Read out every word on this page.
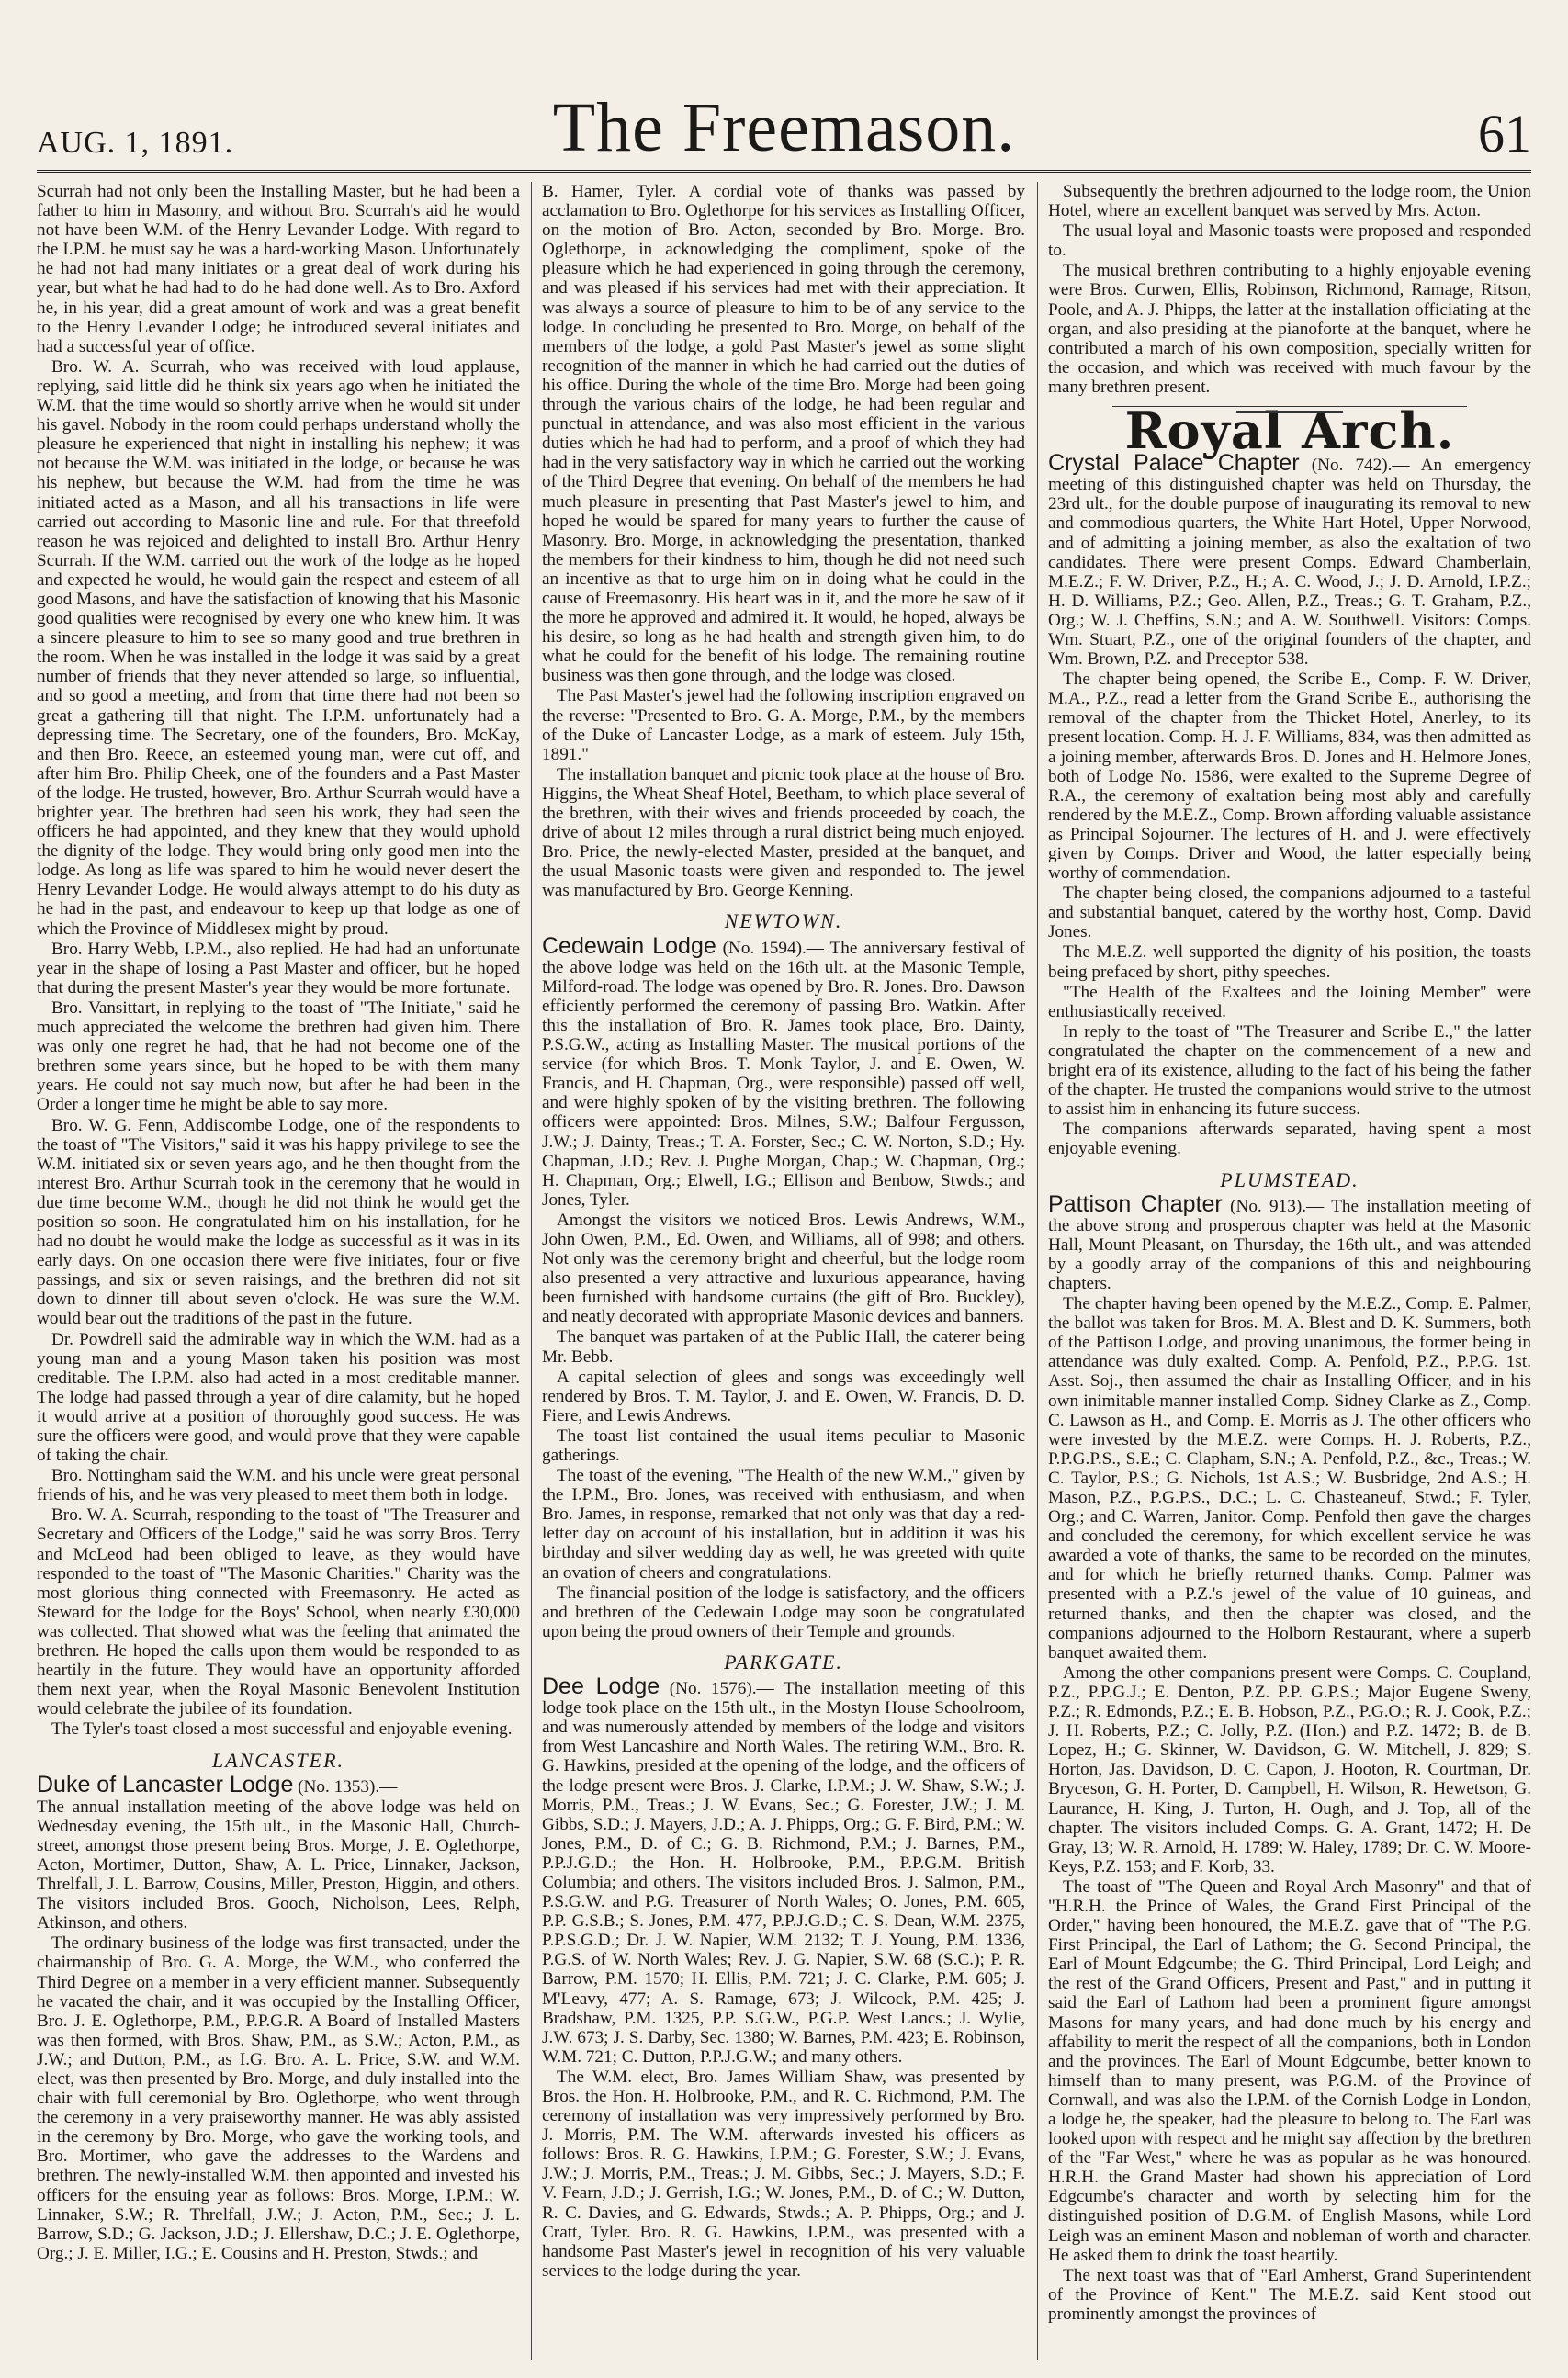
AUG. 1, 1891.	The Freemason.	61

Scurrah had not only been the Installing Master, but he had been a father to him in Masonry, and without Bro. Scurrah's aid he would not have been W.M. of the Henry Levander Lodge. With regard to the I.P.M. he must say he was a hard-working Mason. Unfortunately he had not had many initiates or a great deal of work during his year, but what he had had to do he had done well. As to Bro. Axford he, in his year, did a great amount of work and was a great benefit to the Henry Levander Lodge; he introduced several initiates and had a successful year of office.

Bro. W. A. Scurrah, who was received with loud applause, replying, said little did he think six years ago when he initiated the W.M. that the time would so shortly arrive when he would sit under his gavel. Nobody in the room could perhaps understand wholly the pleasure he experienced that night in installing his nephew; it was not because the W.M. was initiated in the lodge, or because he was his nephew, but because the W.M. had from the time he was initiated acted as a Mason, and all his transactions in life were carried out according to Masonic line and rule. For that threefold reason he was rejoiced and delighted to install Bro. Arthur Henry Scurrah. If the W.M. carried out the work of the lodge as he hoped and expected he would, he would gain the respect and esteem of all good Masons, and have the satisfaction of knowing that his Masonic good qualities were recognised by every one who knew him. It was a sincere pleasure to him to see so many good and true brethren in the room. When he was installed in the lodge it was said by a great number of friends that they never attended so large, so influential, and so good a meeting, and from that time there had not been so great a gathering till that night. The I.P.M. unfortunately had a depressing time. The Secretary, one of the founders, Bro. McKay, and then Bro. Reece, an esteemed young man, were cut off, and after him Bro. Philip Cheek, one of the founders and a Past Master of the lodge. He trusted, however, Bro. Arthur Scurrah would have a brighter year. The brethren had seen his work, they had seen the officers he had appointed, and they knew that they would uphold the dignity of the lodge. They would bring only good men into the lodge. As long as life was spared to him he would never desert the Henry Levander Lodge. He would always attempt to do his duty as he had in the past, and endeavour to keep up that lodge as one of which the Province of Middlesex might by proud.

Bro. Harry Webb, I.P.M., also replied. He had had an unfortunate year in the shape of losing a Past Master and officer, but he hoped that during the present Master's year they would be more fortunate.

Bro. Vansittart, in replying to the toast of "The Initiate," said he much appreciated the welcome the brethren had given him. There was only one regret he had, that he had not become one of the brethren some years since, but he hoped to be with them many years. He could not say much now, but after he had been in the Order a longer time he might be able to say more.

Bro. W. G. Fenn, Addiscombe Lodge, one of the respondents to the toast of "The Visitors," said it was his happy privilege to see the W.M. initiated six or seven years ago, and he then thought from the interest Bro. Arthur Scurrah took in the ceremony that he would in due time become W.M., though he did not think he would get the position so soon. He congratulated him on his installation, for he had no doubt he would make the lodge as successful as it was in its early days. On one occasion there were five initiates, four or five passings, and six or seven raisings, and the brethren did not sit down to dinner till about seven o'clock. He was sure the W.M. would bear out the traditions of the past in the future.

Dr. Powdrell said the admirable way in which the W.M. had as a young man and a young Mason taken his position was most creditable. The I.P.M. also had acted in a most creditable manner. The lodge had passed through a year of dire calamity, but he hoped it would arrive at a position of thoroughly good success. He was sure the officers were good, and would prove that they were capable of taking the chair.

Bro. Nottingham said the W.M. and his uncle were great personal friends of his, and he was very pleased to meet them both in lodge.

Bro. W. A. Scurrah, responding to the toast of "The Treasurer and Secretary and Officers of the Lodge," said he was sorry Bros. Terry and McLeod had been obliged to leave, as they would have responded to the toast of "The Masonic Charities." Charity was the most glorious thing connected with Freemasonry. He acted as Steward for the lodge for the Boys' School, when nearly £30,000 was collected. That showed what was the feeling that animated the brethren. He hoped the calls upon them would be responded to as heartily in the future. They would have an opportunity afforded them next year, when the Royal Masonic Benevolent Institution would celebrate the jubilee of its foundation.

The Tyler's toast closed a most successful and enjoyable evening.

LANCASTER.

Duke of Lancaster Lodge (No. 1353).—

The annual installation meeting of the above lodge was held on Wednesday evening, the 15th ult., in the Masonic Hall, Church-street, amongst those present being Bros. Morge, J. E. Oglethorpe, Acton, Mortimer, Dutton, Shaw, A. L. Price, Linnaker, Jackson, Threlfall, J. L. Barrow, Cousins, Miller, Preston, Higgin, and others. The visitors included Bros. Gooch, Nicholson, Lees, Relph, Atkinson, and others.

The ordinary business of the lodge was first transacted, under the chairmanship of Bro. G. A. Morge, the W.M., who conferred the Third Degree on a member in a very efficient manner. Subsequently he vacated the chair, and it was occupied by the Installing Officer, Bro. J. E. Oglethorpe, P.M., P.P.G.R. A Board of Installed Masters was then formed, with Bros. Shaw, P.M., as S.W.; Acton, P.M., as J.W.; and Dutton, P.M., as I.G. Bro. A. L. Price, S.W. and W.M. elect, was then presented by Bro. Morge, and duly installed into the chair with full ceremonial by Bro. Oglethorpe, who went through the ceremony in a very praiseworthy manner. He was ably assisted in the ceremony by Bro. Morge, who gave the working tools, and Bro. Mortimer, who gave the addresses to the Wardens and brethren. The newly-installed W.M. then appointed and invested his officers for the ensuing year as follows: Bros. Morge, I.P.M.; W. Linnaker, S.W.; R. Threlfall, J.W.; J. Acton, P.M., Sec.; J. L. Barrow, S.D.; G. Jackson, J.D.; J. Ellershaw, D.C.; J. E. Oglethorpe, Org.; J. E. Miller, I.G.; E. Cousins and H. Preston, Stwds.; and

B. Hamer, Tyler. A cordial vote of thanks was passed by acclamation to Bro. Oglethorpe for his services as Installing Officer, on the motion of Bro. Acton, seconded by Bro. Morge. Bro. Oglethorpe, in acknowledging the compliment, spoke of the pleasure which he had experienced in going through the ceremony, and was pleased if his services had met with their appreciation. It was always a source of pleasure to him to be of any service to the lodge. In concluding he presented to Bro. Morge, on behalf of the members of the lodge, a gold Past Master's jewel as some slight recognition of the manner in which he had carried out the duties of his office. During the whole of the time Bro. Morge had been going through the various chairs of the lodge, he had been regular and punctual in attendance, and was also most efficient in the various duties which he had had to perform, and a proof of which they had had in the very satisfactory way in which he carried out the working of the Third Degree that evening. On behalf of the members he had much pleasure in presenting that Past Master's jewel to him, and hoped he would be spared for many years to further the cause of Masonry. Bro. Morge, in acknowledging the presentation, thanked the members for their kindness to him, though he did not need such an incentive as that to urge him on in doing what he could in the cause of Freemasonry. His heart was in it, and the more he saw of it the more he approved and admired it. It would, he hoped, always be his desire, so long as he had health and strength given him, to do what he could for the benefit of his lodge. The remaining routine business was then gone through, and the lodge was closed.

The Past Master's jewel had the following inscription engraved on the reverse: "Presented to Bro. G. A. Morge, P.M., by the members of the Duke of Lancaster Lodge, as a mark of esteem. July 15th, 1891."

The installation banquet and picnic took place at the house of Bro. Higgins, the Wheat Sheaf Hotel, Beetham, to which place several of the brethren, with their wives and friends proceeded by coach, the drive of about 12 miles through a rural district being much enjoyed. Bro. Price, the newly-elected Master, presided at the banquet, and the usual Masonic toasts were given and responded to. The jewel was manufactured by Bro. George Kenning.

NEWTOWN.

Cedewain Lodge (No. 1594).— The anniversary festival of the above lodge was held on the 16th ult. at the Masonic Temple, Milford-road. The lodge was opened by Bro. R. Jones. Bro. Dawson efficiently performed the ceremony of passing Bro. Watkin. After this the installation of Bro. R. James took place, Bro. Dainty, P.S.G.W., acting as Installing Master. The musical portions of the service (for which Bros. T. Monk Taylor, J. and E. Owen, W. Francis, and H. Chapman, Org., were responsible) passed off well, and were highly spoken of by the visiting brethren. The following officers were appointed: Bros. Milnes, S.W.; Balfour Fergusson, J.W.; J. Dainty, Treas.; T. A. Forster, Sec.; C. W. Norton, S.D.; Hy. Chapman, J.D.; Rev. J. Pughe Morgan, Chap.; W. Chapman, Org.; H. Chapman, Org.; Elwell, I.G.; Ellison and Benbow, Stwds.; and Jones, Tyler.

Amongst the visitors we noticed Bros. Lewis Andrews, W.M., John Owen, P.M., Ed. Owen, and Williams, all of 998; and others. Not only was the ceremony bright and cheerful, but the lodge room also presented a very attractive and luxurious appearance, having been furnished with handsome curtains (the gift of Bro. Buckley), and neatly decorated with appropriate Masonic devices and banners.

The banquet was partaken of at the Public Hall, the caterer being Mr. Bebb.

A capital selection of glees and songs was exceedingly well rendered by Bros. T. M. Taylor, J. and E. Owen, W. Francis, D. D. Fiere, and Lewis Andrews.

The toast list contained the usual items peculiar to Masonic gatherings.

The toast of the evening, "The Health of the new W.M.," given by the I.P.M., Bro. Jones, was received with enthusiasm, and when Bro. James, in response, remarked that not only was that day a red-letter day on account of his installation, but in addition it was his birthday and silver wedding day as well, he was greeted with quite an ovation of cheers and congratulations.

The financial position of the lodge is satisfactory, and the officers and brethren of the Cedewain Lodge may soon be congratulated upon being the proud owners of their Temple and grounds.

PARKGATE.

Dee Lodge (No. 1576).— The installation meeting of this lodge took place on the 15th ult., in the Mostyn House Schoolroom, and was numerously attended by members of the lodge and visitors from West Lancashire and North Wales. The retiring W.M., Bro. R. G. Hawkins, presided at the opening of the lodge, and the officers of the lodge present were Bros. J. Clarke, I.P.M.; J. W. Shaw, S.W.; J. Morris, P.M., Treas.; J. W. Evans, Sec.; G. Forester, J.W.; J. M. Gibbs, S.D.; J. Mayers, J.D.; A. J. Phipps, Org.; G. F. Bird, P.M.; W. Jones, P.M., D. of C.; G. B. Richmond, P.M.; J. Barnes, P.M., P.P.J.G.D.; the Hon. H. Holbrooke, P.M., P.P.G.M. British Columbia; and others. The visitors included Bros. J. Salmon, P.M., P.S.G.W. and P.G. Treasurer of North Wales; O. Jones, P.M. 605, P.P. G.S.B.; S. Jones, P.M. 477, P.P.J.G.D.; C. S. Dean, W.M. 2375, P.P.S.G.D.; Dr. J. W. Napier, W.M. 2132; T. J. Young, P.M. 1336, P.G.S. of W. North Wales; Rev. J. G. Napier, S.W. 68 (S.C.); P. R. Barrow, P.M. 1570; H. Ellis, P.M. 721; J. C. Clarke, P.M. 605; J. M'Leavy, 477; A. S. Ramage, 673; J. Wilcock, P.M. 425; J. Bradshaw, P.M. 1325, P.P. S.G.W., P.G.P. West Lancs.; J. Wylie, J.W. 673; J. S. Darby, Sec. 1380; W. Barnes, P.M. 423; E. Robinson, W.M. 721; C. Dutton, P.P.J.G.W.; and many others.

The W.M. elect, Bro. James William Shaw, was presented by Bros. the Hon. H. Holbrooke, P.M., and R. C. Richmond, P.M. The ceremony of installation was very impressively performed by Bro. J. Morris, P.M. The W.M. afterwards invested his officers as follows: Bros. R. G. Hawkins, I.P.M.; G. Forester, S.W.; J. Evans, J.W.; J. Morris, P.M., Treas.; J. M. Gibbs, Sec.; J. Mayers, S.D.; F. V. Fearn, J.D.; J. Gerrish, I.G.; W. Jones, P.M., D. of C.; W. Dutton, R. C. Davies, and G. Edwards, Stwds.; A. P. Phipps, Org.; and J. Cratt, Tyler. Bro. R. G. Hawkins, I.P.M., was presented with a handsome Past Master's jewel in recognition of his very valuable services to the lodge during the year.

Subsequently the brethren adjourned to the lodge room, the Union Hotel, where an excellent banquet was served by Mrs. Acton.

The usual loyal and Masonic toasts were proposed and responded to.

The musical brethren contributing to a highly enjoyable evening were Bros. Curwen, Ellis, Robinson, Richmond, Ramage, Ritson, Poole, and A. J. Phipps, the latter at the installation officiating at the organ, and also presiding at the pianoforte at the banquet, where he contributed a march of his own composition, specially written for the occasion, and which was received with much favour by the many brethren present.

Royal Arch.

Crystal Palace Chapter (No. 742).— An emergency meeting of this distinguished chapter was held on Thursday, the 23rd ult., for the double purpose of inaugurating its removal to new and commodious quarters, the White Hart Hotel, Upper Norwood, and of admitting a joining member, as also the exaltation of two candidates. There were present Comps. Edward Chamberlain, M.E.Z.; F. W. Driver, P.Z., H.; A. C. Wood, J.; J. D. Arnold, I.P.Z.; H. D. Williams, P.Z.; Geo. Allen, P.Z., Treas.; G. T. Graham, P.Z., Org.; W. J. Cheffins, S.N.; and A. W. Southwell. Visitors: Comps. Wm. Stuart, P.Z., one of the original founders of the chapter, and Wm. Brown, P.Z. and Preceptor 538.

The chapter being opened, the Scribe E., Comp. F. W. Driver, M.A., P.Z., read a letter from the Grand Scribe E., authorising the removal of the chapter from the Thicket Hotel, Anerley, to its present location. Comp. H. J. F. Williams, 834, was then admitted as a joining member, afterwards Bros. D. Jones and H. Helmore Jones, both of Lodge No. 1586, were exalted to the Supreme Degree of R.A., the ceremony of exaltation being most ably and carefully rendered by the M.E.Z., Comp. Brown affording valuable assistance as Principal Sojourner. The lectures of H. and J. were effectively given by Comps. Driver and Wood, the latter especially being worthy of commendation.

The chapter being closed, the companions adjourned to a tasteful and substantial banquet, catered by the worthy host, Comp. David Jones.

The M.E.Z. well supported the dignity of his position, the toasts being prefaced by short, pithy speeches.

"The Health of the Exaltees and the Joining Member" were enthusiastically received.

In reply to the toast of "The Treasurer and Scribe E.," the latter congratulated the chapter on the commencement of a new and bright era of its existence, alluding to the fact of his being the father of the chapter. He trusted the companions would strive to the utmost to assist him in enhancing its future success.

The companions afterwards separated, having spent a most enjoyable evening.

PLUMSTEAD.

Pattison Chapter (No. 913).— The installation meeting of the above strong and prosperous chapter was held at the Masonic Hall, Mount Pleasant, on Thursday, the 16th ult., and was attended by a goodly array of the companions of this and neighbouring chapters.

The chapter having been opened by the M.E.Z., Comp. E. Palmer, the ballot was taken for Bros. M. A. Blest and D. K. Summers, both of the Pattison Lodge, and proving unanimous, the former being in attendance was duly exalted. Comp. A. Penfold, P.Z., P.P.G. 1st. Asst. Soj., then assumed the chair as Installing Officer, and in his own inimitable manner installed Comp. Sidney Clarke as Z., Comp. C. Lawson as H., and Comp. E. Morris as J. The other officers who were invested by the M.E.Z. were Comps. H. J. Roberts, P.Z., P.P.G.P.S., S.E.; C. Clapham, S.N.; A. Penfold, P.Z., &c., Treas.; W. C. Taylor, P.S.; G. Nichols, 1st A.S.; W. Busbridge, 2nd A.S.; H. Mason, P.Z., P.G.P.S., D.C.; L. C. Chasteaneuf, Stwd.; F. Tyler, Org.; and C. Warren, Janitor. Comp. Penfold then gave the charges and concluded the ceremony, for which excellent service he was awarded a vote of thanks, the same to be recorded on the minutes, and for which he briefly returned thanks. Comp. Palmer was presented with a P.Z.'s jewel of the value of 10 guineas, and returned thanks, and then the chapter was closed, and the companions adjourned to the Holborn Restaurant, where a superb banquet awaited them.

Among the other companions present were Comps. C. Coupland, P.Z., P.P.G.J.; E. Denton, P.Z. P.P. G.P.S.; Major Eugene Sweny, P.Z.; R. Edmonds, P.Z.; E. B. Hobson, P.Z., P.G.O.; R. J. Cook, P.Z.; J. H. Roberts, P.Z.; C. Jolly, P.Z. (Hon.) and P.Z. 1472; B. de B. Lopez, H.; G. Skinner, W. Davidson, G. W. Mitchell, J. 829; S. Horton, Jas. Davidson, D. C. Capon, J. Hooton, R. Courtman, Dr. Bryceson, G. H. Porter, D. Campbell, H. Wilson, R. Hewetson, G. Laurance, H. King, J. Turton, H. Ough, and J. Top, all of the chapter. The visitors included Comps. G. A. Grant, 1472; H. De Gray, 13; W. R. Arnold, H. 1789; W. Haley, 1789; Dr. C. W. Moore-Keys, P.Z. 153; and F. Korb, 33.

The toast of "The Queen and Royal Arch Masonry" and that of "H.R.H. the Prince of Wales, the Grand First Principal of the Order," having been honoured, the M.E.Z. gave that of "The P.G. First Principal, the Earl of Lathom; the G. Second Principal, the Earl of Mount Edgcumbe; the G. Third Principal, Lord Leigh; and the rest of the Grand Officers, Present and Past," and in putting it said the Earl of Lathom had been a prominent figure amongst Masons for many years, and had done much by his energy and affability to merit the respect of all the companions, both in London and the provinces. The Earl of Mount Edgcumbe, better known to himself than to many present, was P.G.M. of the Province of Cornwall, and was also the I.P.M. of the Cornish Lodge in London, a lodge he, the speaker, had the pleasure to belong to. The Earl was looked upon with respect and he might say affection by the brethren of the "Far West," where he was as popular as he was honoured. H.R.H. the Grand Master had shown his appreciation of Lord Edgcumbe's character and worth by selecting him for the distinguished position of D.G.M. of English Masons, while Lord Leigh was an eminent Mason and nobleman of worth and character. He asked them to drink the toast heartily.

The next toast was that of "Earl Amherst, Grand Superintendent of the Province of Kent." The M.E.Z. said Kent stood out prominently amongst the provinces of
